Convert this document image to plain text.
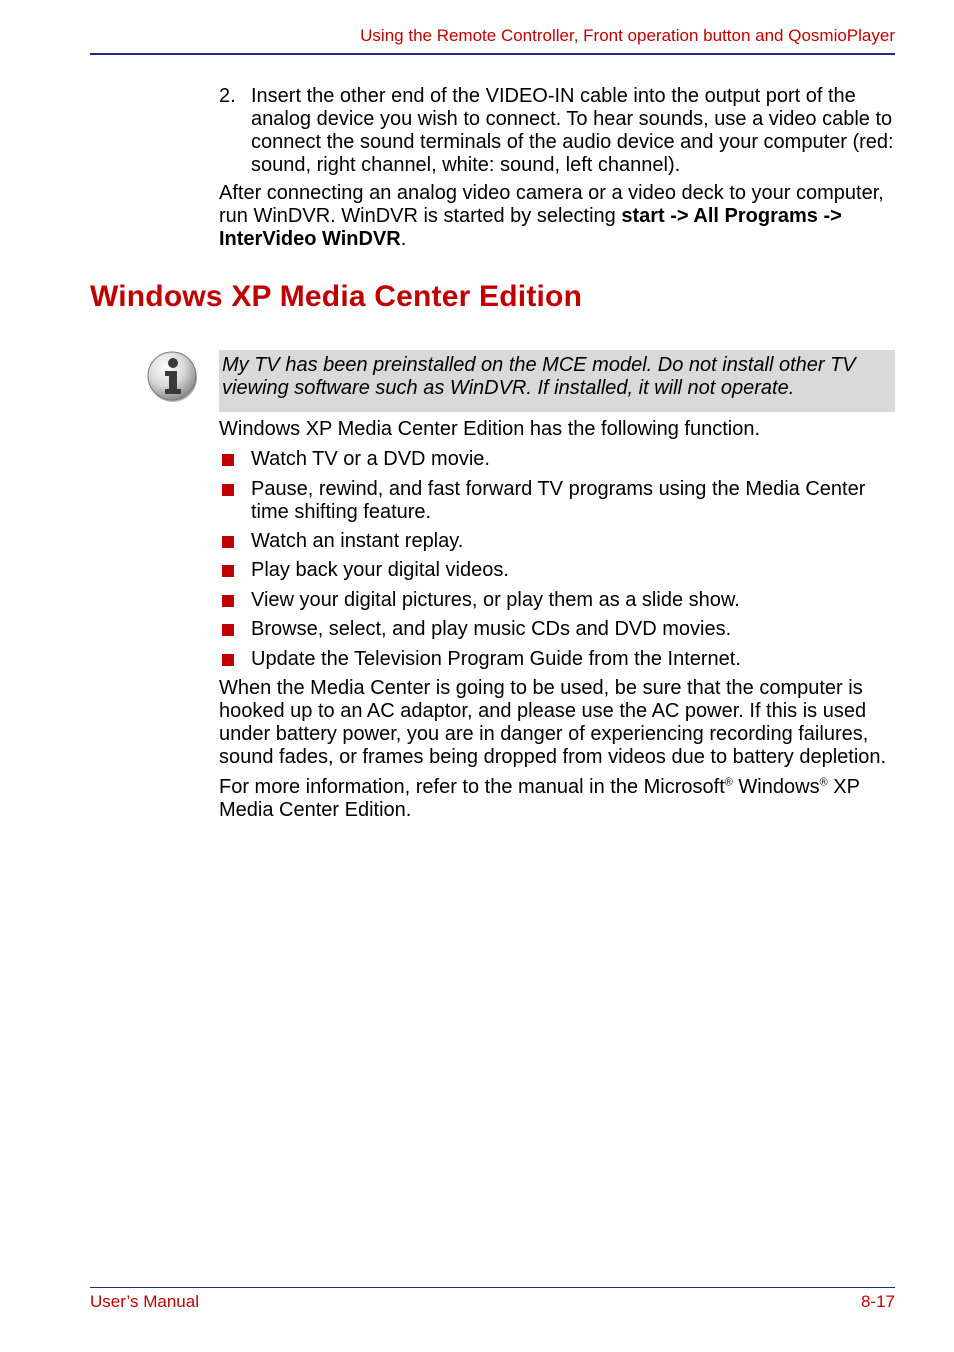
Using the Remote Controller, Front operation button and QosmioPlayer
2. Insert the other end of the VIDEO-IN cable into the output port of the analog device you wish to connect. To hear sounds, use a video cable to connect the sound terminals of the audio device and your computer (red: sound, right channel, white: sound, left channel).
After connecting an analog video camera or a video deck to your computer, run WinDVR. WinDVR is started by selecting start -> All Programs -> InterVideo WinDVR.
Windows XP Media Center Edition
My TV has been preinstalled on the MCE model. Do not install other TV viewing software such as WinDVR. If installed, it will not operate.
Windows XP Media Center Edition has the following function.
Watch TV or a DVD movie.
Pause, rewind, and fast forward TV programs using the Media Center time shifting feature.
Watch an instant replay.
Play back your digital videos.
View your digital pictures, or play them as a slide show.
Browse, select, and play music CDs and DVD movies.
Update the Television Program Guide from the Internet.
When the Media Center is going to be used, be sure that the computer is hooked up to an AC adaptor, and please use the AC power. If this is used under battery power, you are in danger of experiencing recording failures, sound fades, or frames being dropped from videos due to battery depletion.
For more information, refer to the manual in the Microsoft® Windows® XP Media Center Edition.
User’s Manual	8-17
